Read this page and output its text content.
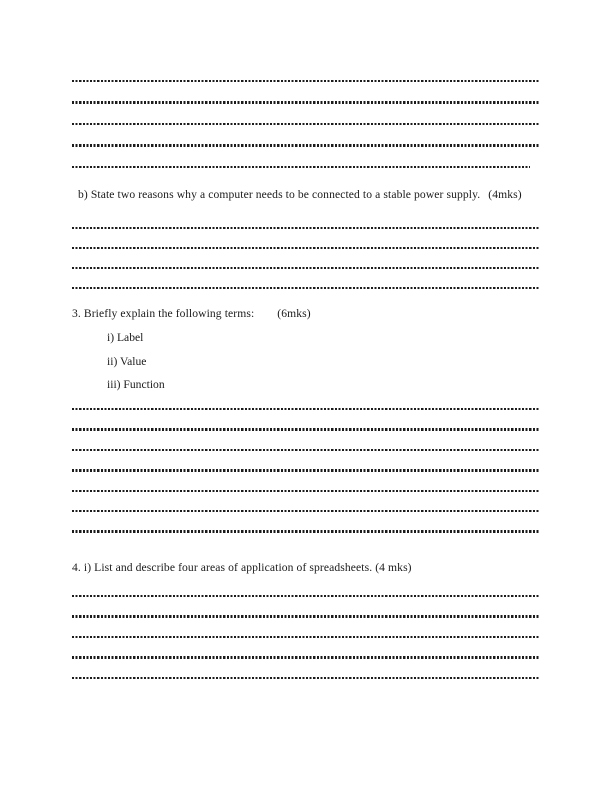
b) State two reasons why a computer needs to be connected to a stable power supply. (4mks)
3. Briefly explain the following terms: (6mks)
i) Label
ii) Value
iii) Function
4. i) List and describe four areas of application of spreadsheets. (4 mks)
